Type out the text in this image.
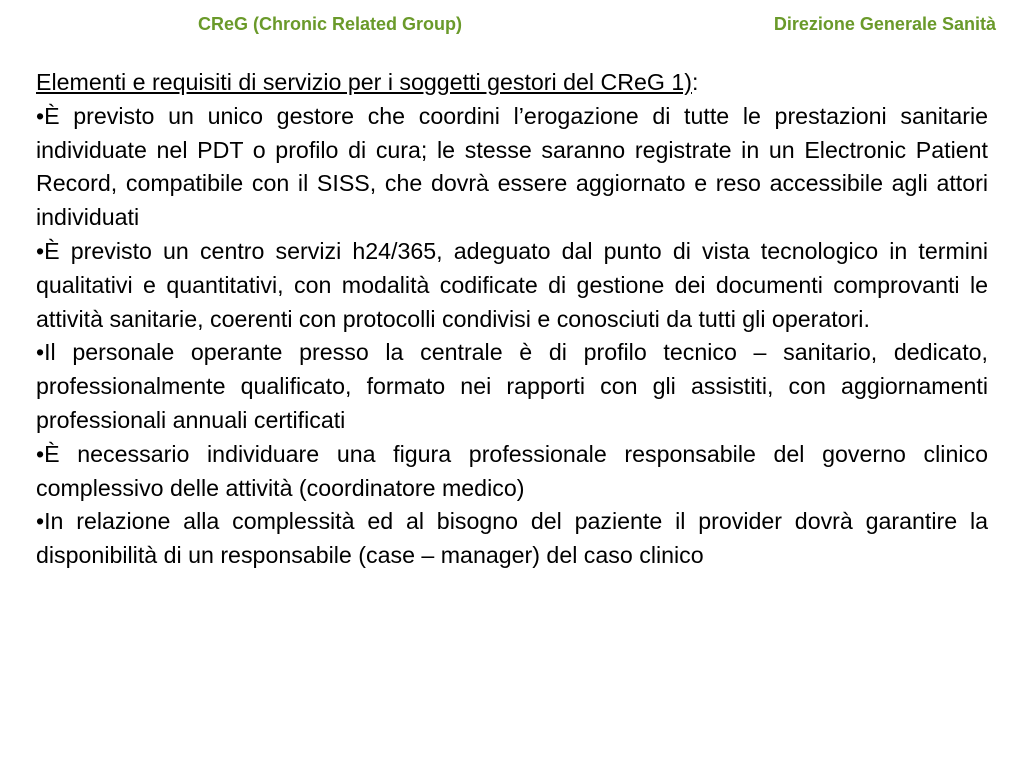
CReG (Chronic Related Group)	Direzione Generale Sanità

Elementi e requisiti di servizio per i soggetti gestori del CReG 1):

•È previsto un unico gestore che coordini l’erogazione di tutte le prestazioni sanitarie individuate nel PDT o profilo di cura; le stesse saranno registrate in un Electronic Patient Record, compatibile con il SISS, che dovrà essere aggiornato e reso accessibile agli attori individuati

•È previsto un centro servizi h24/365, adeguato dal punto di vista tecnologico in termini qualitativi e quantitativi, con modalità codificate di gestione dei documenti comprovanti le attività sanitarie, coerenti con protocolli condivisi e conosciuti da tutti gli operatori.

•Il personale operante presso la centrale è di profilo tecnico – sanitario, dedicato, professionalmente qualificato, formato nei rapporti con gli assistiti, con aggiornamenti professionali annuali certificati

•È necessario individuare una figura professionale responsabile del governo clinico complessivo delle attività (coordinatore medico)

•In relazione alla complessità ed al bisogno del paziente il provider dovrà garantire la disponibilità di un responsabile (case – manager) del caso clinico
